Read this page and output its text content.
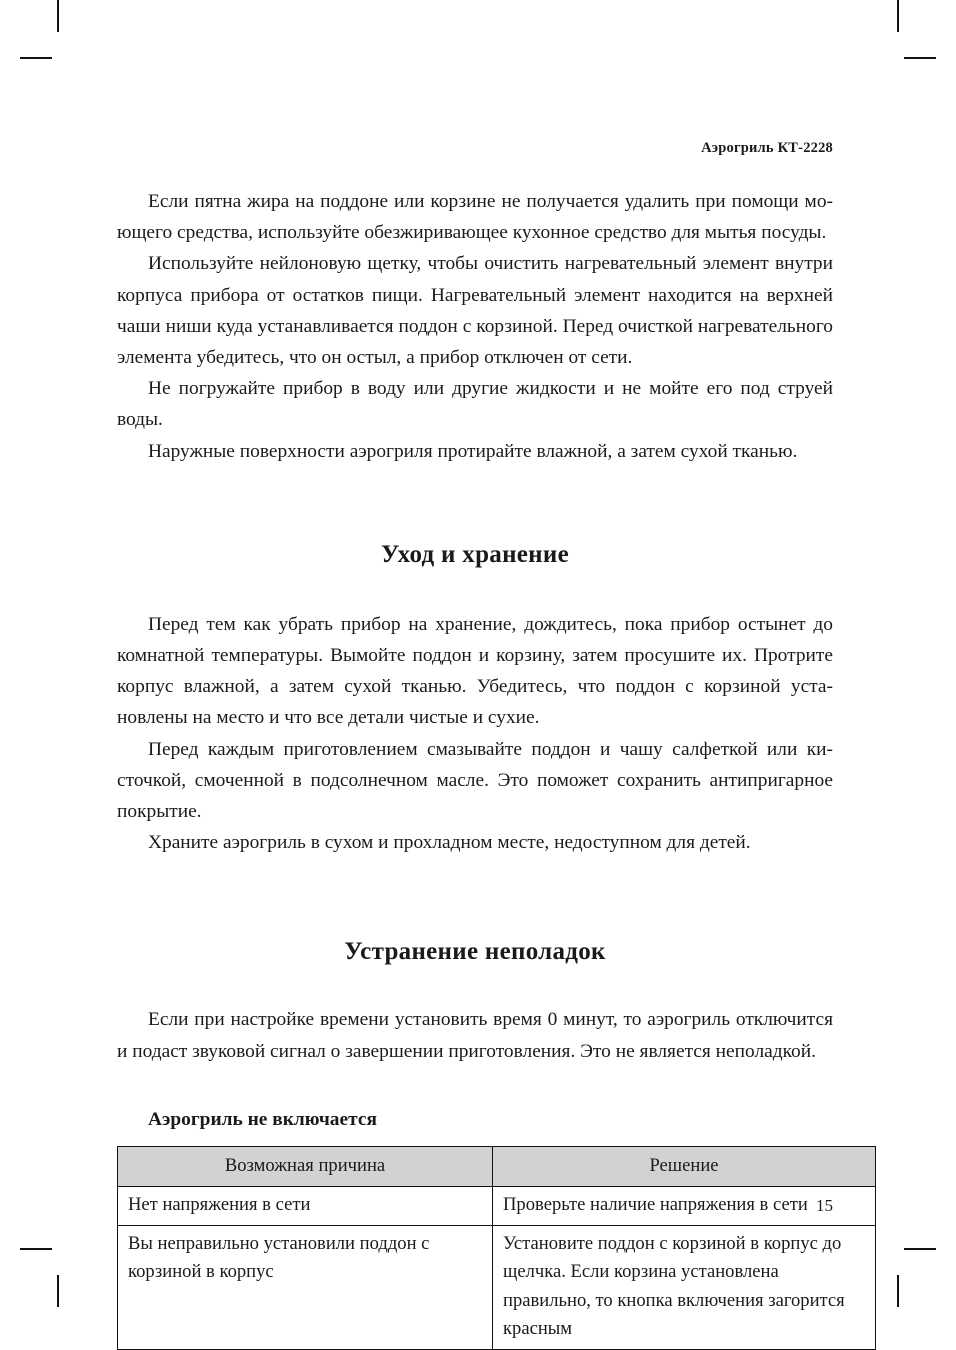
Аэрогриль КТ-2228

Если пятна жира на поддоне или корзине не получается удалить при помощи моющего средства, используйте обезжиривающее кухонное средство для мытья посуды.

Используйте нейлоновую щетку, чтобы очистить нагревательный элемент внутри корпуса прибора от остатков пищи. Нагревательный элемент находится на верхней чаши ниши куда устанавливается поддон с корзиной. Перед очисткой нагревательного элемента убедитесь, что он остыл, а прибор отключен от сети.

Не погружайте прибор в воду или другие жидкости и не мойте его под струей воды.

Наружные поверхности аэрогриля протирайте влажной, а затем сухой тканью.

Уход и хранение

Перед тем как убрать прибор на хранение, дождитесь, пока прибор остынет до комнатной температуры. Вымойте поддон и корзину, затем просушите их. Протрите корпус влажной, а затем сухой тканью. Убедитесь, что поддон с корзиной установлены на место и что все детали чистые и сухие.

Перед каждым приготовлением смазывайте поддон и чашу салфеткой или кисточкой, смоченной в подсолнечном масле. Это поможет сохранить антипригарное покрытие.

Храните аэрогриль в сухом и прохладном месте, недоступном для детей.

Устранение неполадок

Если при настройке времени установить время 0 минут, то аэрогриль отключится и подаст звуковой сигнал о завершении приготовления. Это не является неполадкой.

Аэрогриль не включается
Возможная причина	Решение
Нет напряжения в сети	Проверьте наличие напряжения в сети
Вы неправильно установили поддон с корзиной в корпус	Установите поддон с корзиной в корпус до щелчка. Если корзина установлена правильно, то кнопка включения загорится красным
15
